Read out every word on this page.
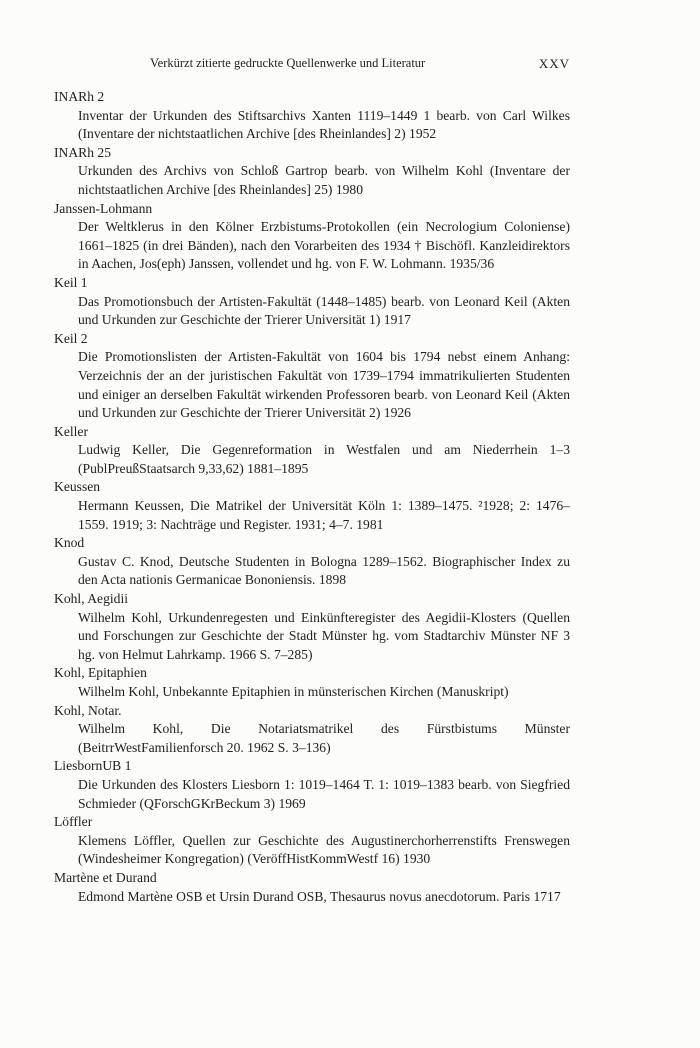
Verkürzt zitierte gedruckte Quellenwerke und Literatur	XXV
INARh 2
Inventar der Urkunden des Stiftsarchivs Xanten 1119–1449 1 bearb. von Carl Wilkes (Inventare der nichtstaatlichen Archive [des Rheinlandes] 2) 1952
INARh 25
Urkunden des Archivs von Schloß Gartrop bearb. von Wilhelm Kohl (Inventare der nichtstaatlichen Archive [des Rheinlandes] 25) 1980
Janssen-Lohmann
Der Weltklerus in den Kölner Erzbistums-Protokollen (ein Necrologium Coloniense) 1661–1825 (in drei Bänden), nach den Vorarbeiten des 1934 † Bischöfl. Kanzleidirektors in Aachen, Jos(eph) Janssen, vollendet und hg. von F. W. Lohmann. 1935/36
Keil 1
Das Promotionsbuch der Artisten-Fakultät (1448–1485) bearb. von Leonard Keil (Akten und Urkunden zur Geschichte der Trierer Universität 1) 1917
Keil 2
Die Promotionslisten der Artisten-Fakultät von 1604 bis 1794 nebst einem Anhang: Verzeichnis der an der juristischen Fakultät von 1739–1794 immatrikulierten Studenten und einiger an derselben Fakultät wirkenden Professoren bearb. von Leonard Keil (Akten und Urkunden zur Geschichte der Trierer Universität 2) 1926
Keller
Ludwig Keller, Die Gegenreformation in Westfalen und am Niederrhein 1–3 (PublPreußStaatsarch 9,33,62) 1881–1895
Keussen
Hermann Keussen, Die Matrikel der Universität Köln 1: 1389–1475. ²1928; 2: 1476–1559. 1919; 3: Nachträge und Register. 1931; 4–7. 1981
Knod
Gustav C. Knod, Deutsche Studenten in Bologna 1289–1562. Biographischer Index zu den Acta nationis Germanicae Bononiensis. 1898
Kohl, Aegidii
Wilhelm Kohl, Urkundenregesten und Einkünfteregister des Aegidii-Klosters (Quellen und Forschungen zur Geschichte der Stadt Münster hg. vom Stadtarchiv Münster NF 3 hg. von Helmut Lahrkamp. 1966 S. 7–285)
Kohl, Epitaphien
Wilhelm Kohl, Unbekannte Epitaphien in münsterischen Kirchen (Manuskript)
Kohl, Notar.
Wilhelm Kohl, Die Notariatsmatrikel des Fürstbistums Münster (BeitrrWestFamilienforsch 20. 1962 S. 3–136)
LiesbornUB 1
Die Urkunden des Klosters Liesborn 1: 1019–1464 T. 1: 1019–1383 bearb. von Siegfried Schmieder (QForschGKrBeckum 3) 1969
Löffler
Klemens Löffler, Quellen zur Geschichte des Augustinerchorherrenstifts Frenswegen (Windesheimer Kongregation) (VeröffHistKommWestf 16) 1930
Martène et Durand
Edmond Martène OSB et Ursin Durand OSB, Thesaurus novus anecdotorum. Paris 1717
